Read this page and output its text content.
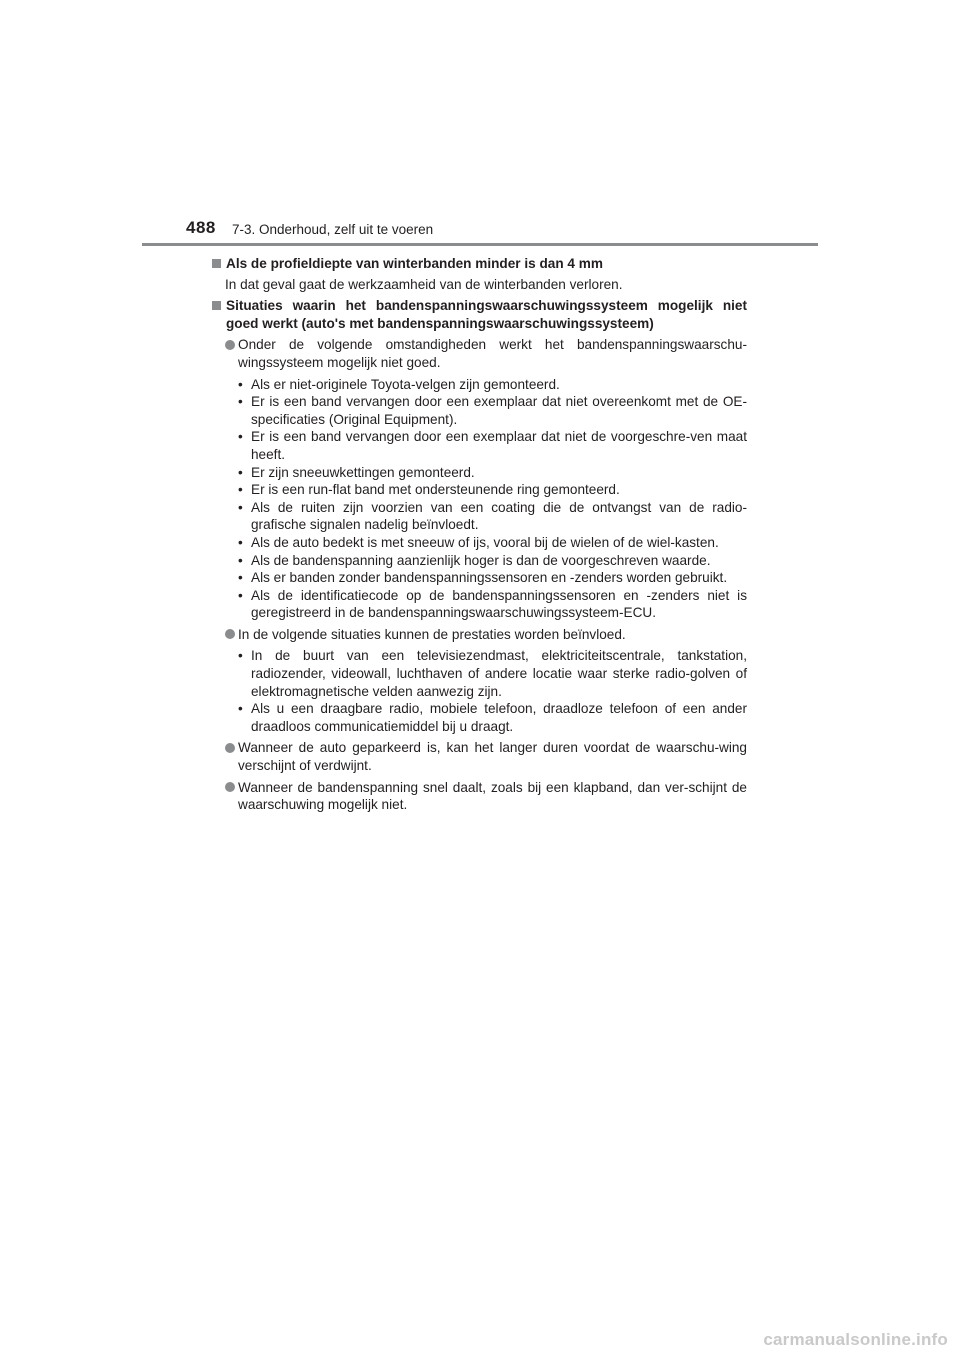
488 7-3. Onderhoud, zelf uit te voeren
Als de profieldiepte van winterbanden minder is dan 4 mm
In dat geval gaat de werkzaamheid van de winterbanden verloren.
Situaties waarin het bandenspanningswaarschuwingssysteem mogelijk niet goed werkt (auto's met bandenspanningswaarschuwingssysteem)
Onder de volgende omstandigheden werkt het bandenspanningswaarschu-wingssysteem mogelijk niet goed.
• Als er niet-originele Toyota-velgen zijn gemonteerd.
• Er is een band vervangen door een exemplaar dat niet overeenkomt met de OE-specificaties (Original Equipment).
• Er is een band vervangen door een exemplaar dat niet de voorgeschre-ven maat heeft.
• Er zijn sneeuwkettingen gemonteerd.
• Er is een run-flat band met ondersteunende ring gemonteerd.
• Als de ruiten zijn voorzien van een coating die de ontvangst van de radio-grafische signalen nadelig beïnvloedt.
• Als de auto bedekt is met sneeuw of ijs, vooral bij de wielen of de wiel-kasten.
• Als de bandenspanning aanzienlijk hoger is dan de voorgeschreven waarde.
• Als er banden zonder bandenspanningssensoren en -zenders worden gebruikt.
• Als de identificatiecode op de bandenspanningssensoren en -zenders niet is geregistreerd in de bandenspanningswaarschuwingssysteem-ECU.
In de volgende situaties kunnen de prestaties worden beïnvloed.
• In de buurt van een televisiezendmast, elektriciteitscentrale, tankstation, radiozender, videowall, luchthaven of andere locatie waar sterke radio-golven of elektromagnetische velden aanwezig zijn.
• Als u een draagbare radio, mobiele telefoon, draadloze telefoon of een ander draadloos communicatiemiddel bij u draagt.
Wanneer de auto geparkeerd is, kan het langer duren voordat de waarschu-wing verschijnt of verdwijnt.
Wanneer de bandenspanning snel daalt, zoals bij een klapband, dan ver-schijnt de waarschuwing mogelijk niet.
carmanualsonline.info
